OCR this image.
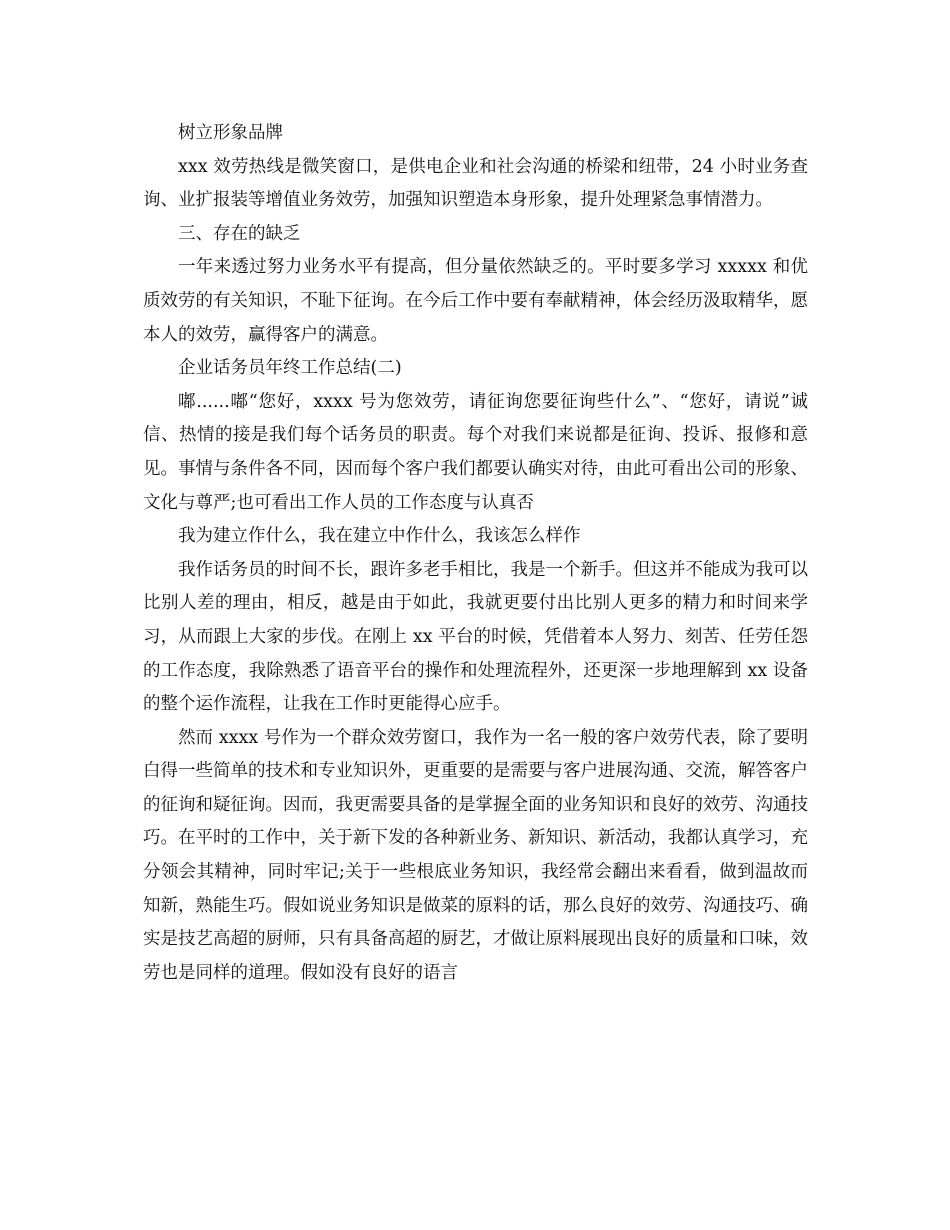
树立形象品牌

xxx 效劳热线是微笑窗口，是供电企业和社会沟通的桥梁和纽带，24 小时业务查询、业扩报装等增值业务效劳，加强知识塑造本身形象，提升处理紧急事情潜力。

三、存在的缺乏

一年来透过努力业务水平有提高，但分量依然缺乏的。平时要多学习 xxxxx 和优质效劳的有关知识，不耻下征询。在今后工作中要有奉献精神，体会经历汲取精华，愿本人的效劳，赢得客户的满意。

企业话务员年终工作总结(二)

嘟......嘟“您好，xxxx 号为您效劳，请征询您要征询些什么”、“您好，请说”诚信、热情的接是我们每个话务员的职责。每个对我们来说都是征询、投诉、报修和意见。事情与条件各不同，因而每个客户我们都要认确实对待，由此可看出公司的形象、文化与尊严;也可看出工作人员的工作态度与认真否

我为建立作什么，我在建立中作什么，我该怎么样作

我作话务员的时间不长，跟许多老手相比，我是一个新手。但这并不能成为我可以比别人差的理由，相反，越是由于如此，我就更要付出比别人更多的精力和时间来学习，从而跟上大家的步伐。在刚上 xx 平台的时候，凭借着本人努力、刻苦、任劳任怨的工作态度，我除熟悉了语音平台的操作和处理流程外，还更深一步地理解到 xx 设备的整个运作流程，让我在工作时更能得心应手。

然而 xxxx 号作为一个群众效劳窗口，我作为一名一般的客户效劳代表，除了要明白得一些简单的技术和专业知识外，更重要的是需要与客户进展沟通、交流，解答客户的征询和疑征询。因而，我更需要具备的是掌握全面的业务知识和良好的效劳、沟通技巧。在平时的工作中，关于新下发的各种新业务、新知识、新活动，我都认真学习，充分领会其精神，同时牢记;关于一些根底业务知识，我经常会翻出来看看，做到温故而知新，熟能生巧。假如说业务知识是做菜的原料的话，那么良好的效劳、沟通技巧、确实是技艺高超的厨师，只有具备高超的厨艺，才做让原料展现出良好的质量和口味，效劳也是同样的道理。假如没有良好的语言
